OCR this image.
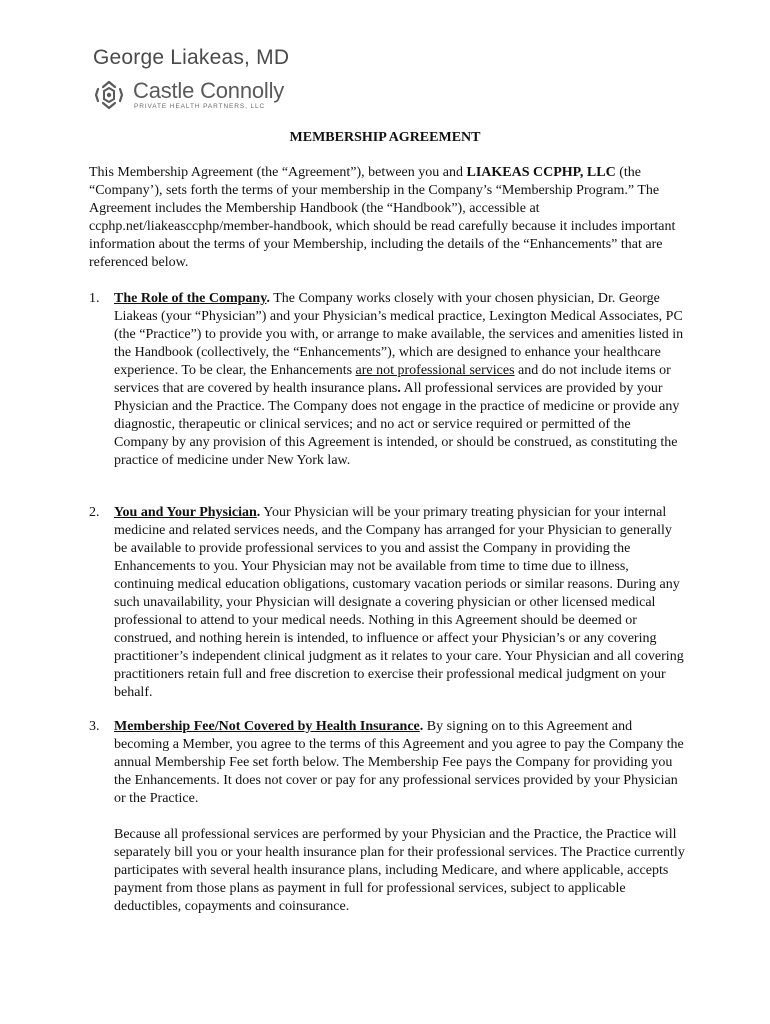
George Liakeas, MD
Castle Connolly
PRIVATE HEALTH PARTNERS, LLC
MEMBERSHIP AGREEMENT

This Membership Agreement (the “Agreement”), between you and LIAKEAS CCPHP, LLC (the “Company’), sets forth the terms of your membership in the Company’s “Membership Program.” The Agreement includes the Membership Handbook (the “Handbook”), accessible at ccphp.net/liakeasccphp/member-handbook, which should be read carefully because it includes important information about the terms of your Membership, including the details of the “Enhancements” that are referenced below.

1. The Role of the Company. The Company works closely with your chosen physician, Dr. George Liakeas (your “Physician”) and your Physician’s medical practice, Lexington Medical Associates, PC (the “Practice”) to provide you with, or arrange to make available, the services and amenities listed in the Handbook (collectively, the “Enhancements”), which are designed to enhance your healthcare experience. To be clear, the Enhancements are not professional services and do not include items or services that are covered by health insurance plans. All professional services are provided by your Physician and the Practice. The Company does not engage in the practice of medicine or provide any diagnostic, therapeutic or clinical services; and no act or service required or permitted of the Company by any provision of this Agreement is intended, or should be construed, as constituting the practice of medicine under New York law.

2. You and Your Physician. Your Physician will be your primary treating physician for your internal medicine and related services needs, and the Company has arranged for your Physician to generally be available to provide professional services to you and assist the Company in providing the Enhancements to you. Your Physician may not be available from time to time due to illness, continuing medical education obligations, customary vacation periods or similar reasons. During any such unavailability, your Physician will designate a covering physician or other licensed medical professional to attend to your medical needs. Nothing in this Agreement should be deemed or construed, and nothing herein is intended, to influence or affect your Physician’s or any covering practitioner’s independent clinical judgment as it relates to your care. Your Physician and all covering practitioners retain full and free discretion to exercise their professional medical judgment on your behalf.

3. Membership Fee/Not Covered by Health Insurance. By signing on to this Agreement and becoming a Member, you agree to the terms of this Agreement and you agree to pay the Company the annual Membership Fee set forth below. The Membership Fee pays the Company for providing you the Enhancements. It does not cover or pay for any professional services provided by your Physician or the Practice.

Because all professional services are performed by your Physician and the Practice, the Practice will separately bill you or your health insurance plan for their professional services. The Practice currently participates with several health insurance plans, including Medicare, and where applicable, accepts payment from those plans as payment in full for professional services, subject to applicable deductibles, copayments and coinsurance.
